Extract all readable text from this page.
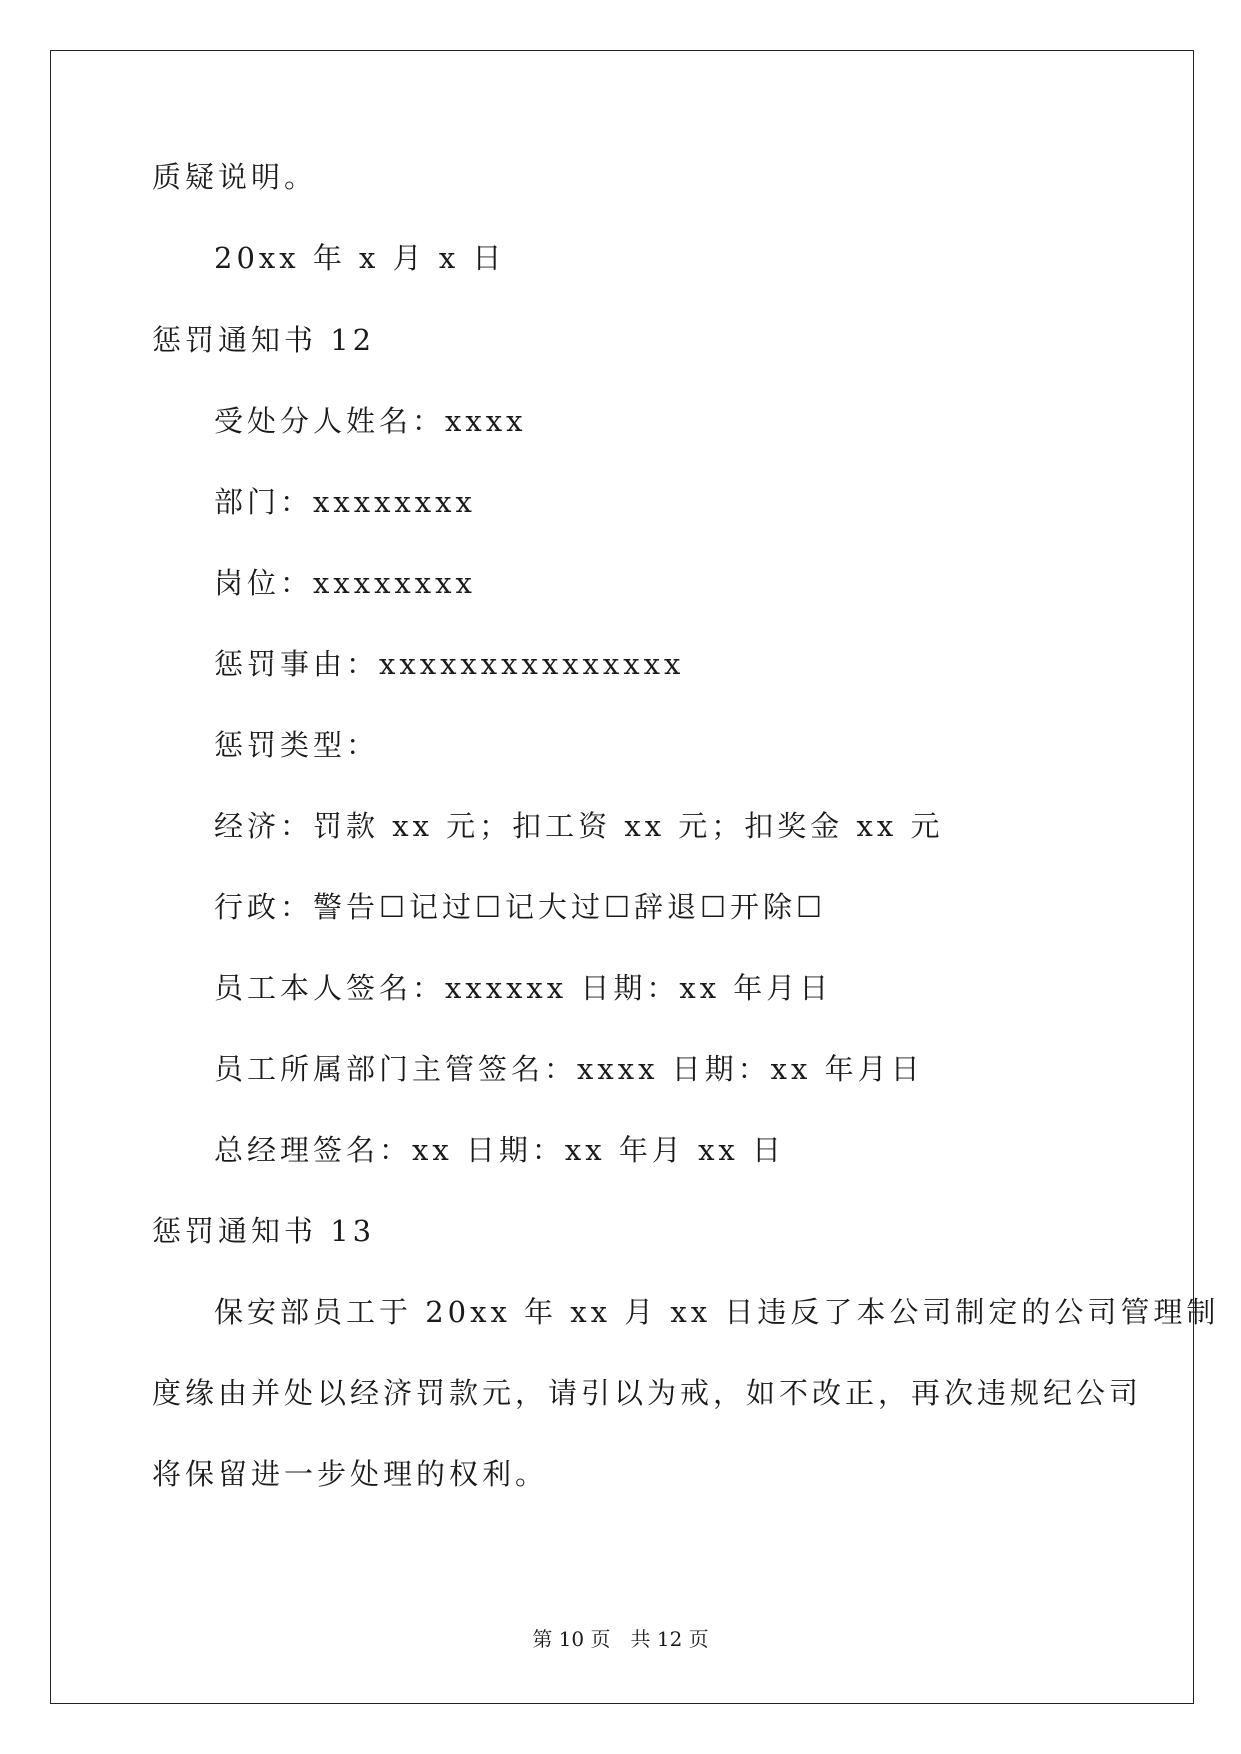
质疑说明。
20xx 年 x 月 x 日
惩罚通知书 12
受处分人姓名：xxxx
部门：xxxxxxxx
岗位：xxxxxxxx
惩罚事由：xxxxxxxxxxxxxxx
惩罚类型：
经济：罚款 xx 元；扣工资 xx 元；扣奖金 xx 元
行政：警告☐记过☐记大过☐辞退☐开除☐
员工本人签名：xxxxxx 日期：xx 年月日
员工所属部门主管签名：xxxx 日期：xx 年月日
总经理签名：xx 日期：xx 年月 xx 日
惩罚通知书 13
保安部员工于 20xx 年 xx 月 xx 日违反了本公司制定的公司管理制
度缘由并处以经济罚款元，请引以为戒，如不改正，再次违规纪公司
将保留进一步处理的权利。
第 10 页　共 12 页
